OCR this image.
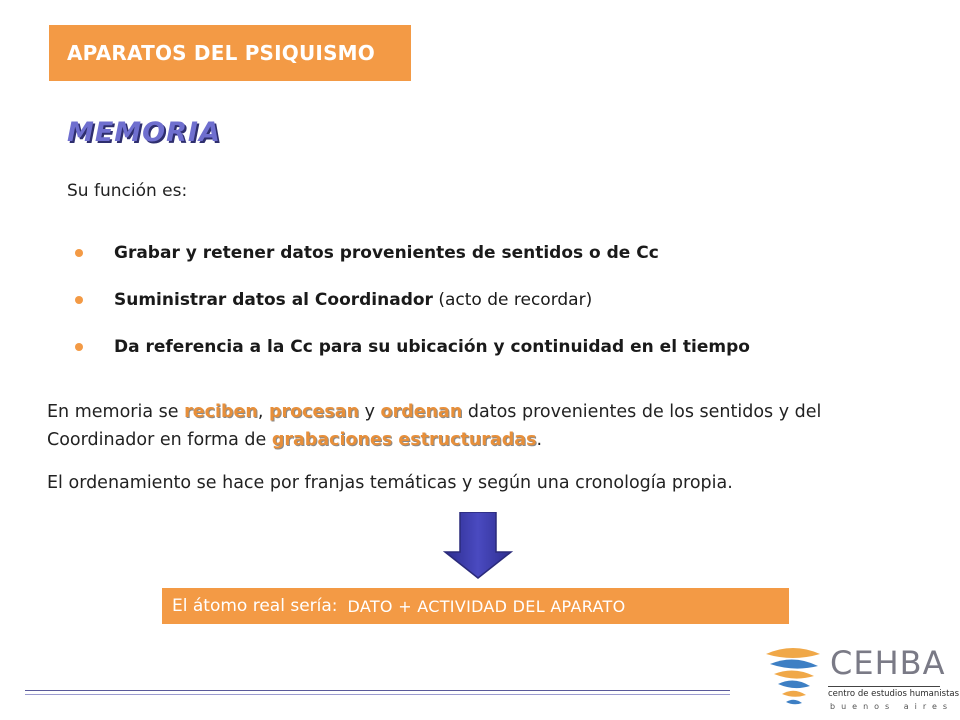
APARATOS DEL PSIQUISMO
MEMORIA
Su función es:
Grabar y retener datos provenientes de sentidos o de Cc
Suministrar datos al Coordinador (acto de recordar)
Da referencia a la Cc para su ubicación y continuidad en el tiempo
En memoria se reciben, procesan y ordenan datos provenientes de los sentidos y del Coordinador en forma de grabaciones estructuradas.
El ordenamiento se hace por franjas temáticas y según una cronología propia.
El átomo real sería: DATO + ACTIVIDAD DEL APARATO
CEHBA
centro de estudios humanistas
buenos aires
